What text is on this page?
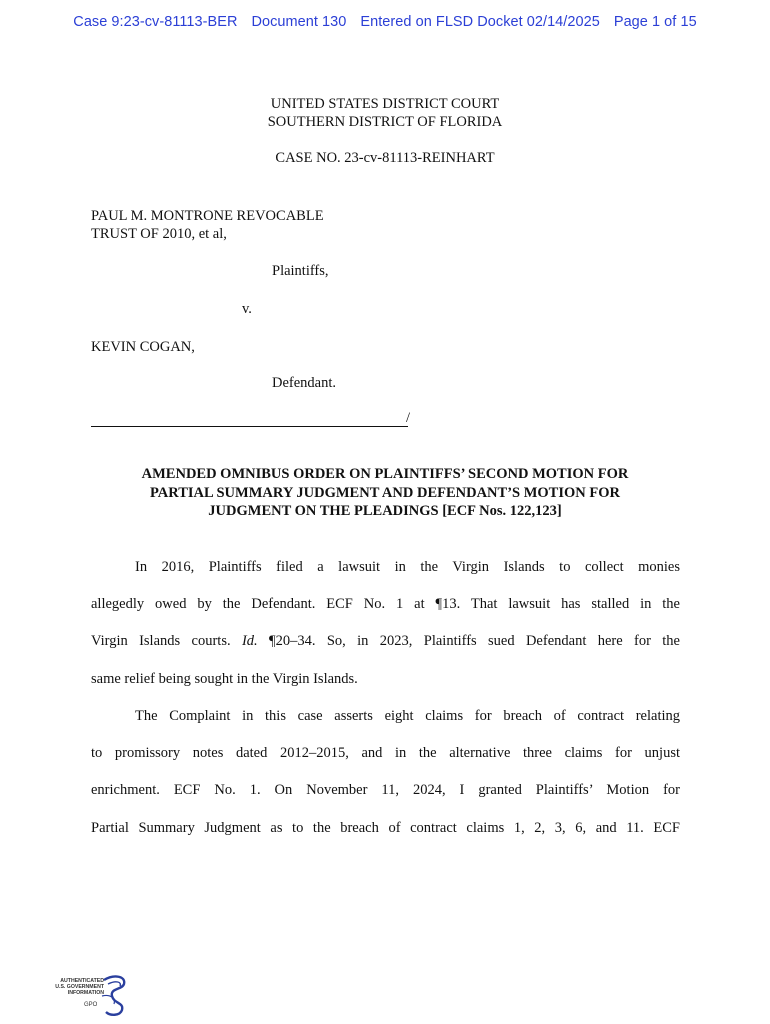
Case 9:23-cv-81113-BER Document 130 Entered on FLSD Docket 02/14/2025 Page 1 of 15
UNITED STATES DISTRICT COURT
SOUTHERN DISTRICT OF FLORIDA
CASE NO. 23-cv-81113-REINHART
PAUL M. MONTRONE REVOCABLE
TRUST OF 2010, et al,
Plaintiffs,
v.
KEVIN COGAN,
Defendant.
/
AMENDED OMNIBUS ORDER ON PLAINTIFFS’ SECOND MOTION FOR
PARTIAL SUMMARY JUDGMENT AND DEFENDANT’S MOTION FOR
JUDGMENT ON THE PLEADINGS [ECF Nos. 122,123]
In 2016, Plaintiffs filed a lawsuit in the Virgin Islands to collect monies
allegedly owed by the Defendant. ECF No. 1 at ¶13. That lawsuit has stalled in the
Virgin Islands courts. Id. ¶20–34. So, in 2023, Plaintiffs sued Defendant here for the
same relief being sought in the Virgin Islands.
The Complaint in this case asserts eight claims for breach of contract relating
to promissory notes dated 2012–2015, and in the alternative three claims for unjust
enrichment. ECF No. 1. On November 11, 2024, I granted Plaintiffs’ Motion for
Partial Summary Judgment as to the breach of contract claims 1, 2, 3, 6, and 11. ECF
AUTHENTICATED
U.S. GOVERNMENT
INFORMATION
GPO
